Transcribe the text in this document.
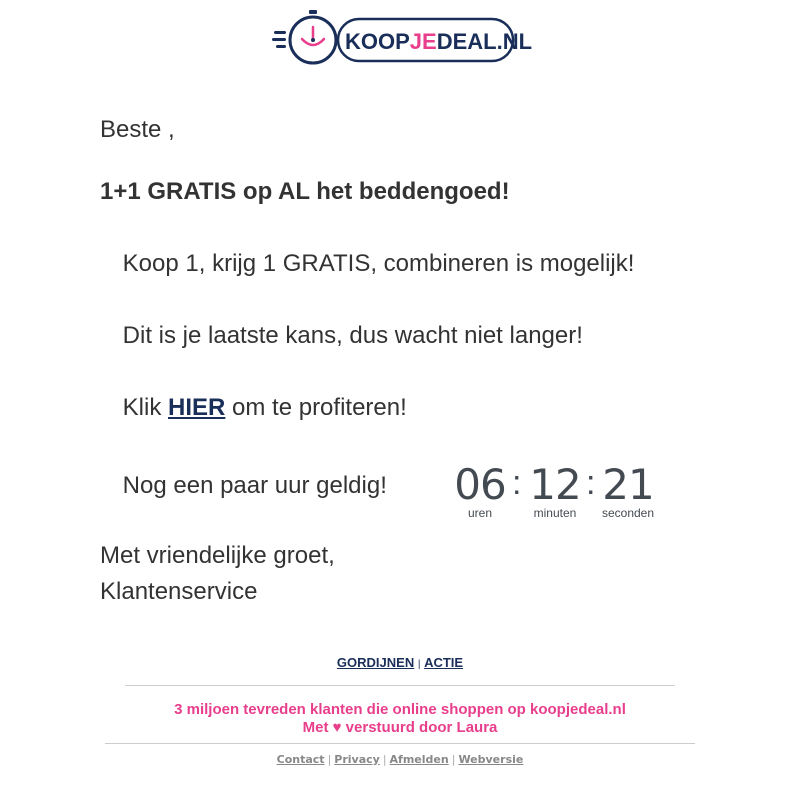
KOOPJEDEAL.NL
Beste ,
1+1 GRATIS op AL het beddengoed!
Koop 1, krijg 1 GRATIS, combineren is mogelijk!
Dit is je laatste kans, dus wacht niet langer!
Klik HIER om te profiteren!
Nog een paar uur geldig! 06
uren
: 12
minuten
: 21
seconden
Met vriendelijke groet,
Klantenservice
GORDIJNEN | ACTIE
3 miljoen tevreden klanten die online shoppen op koopjedeal.nl
Met ♥ verstuurd door Laura
Contact | Privacy | Afmelden | Webversie
